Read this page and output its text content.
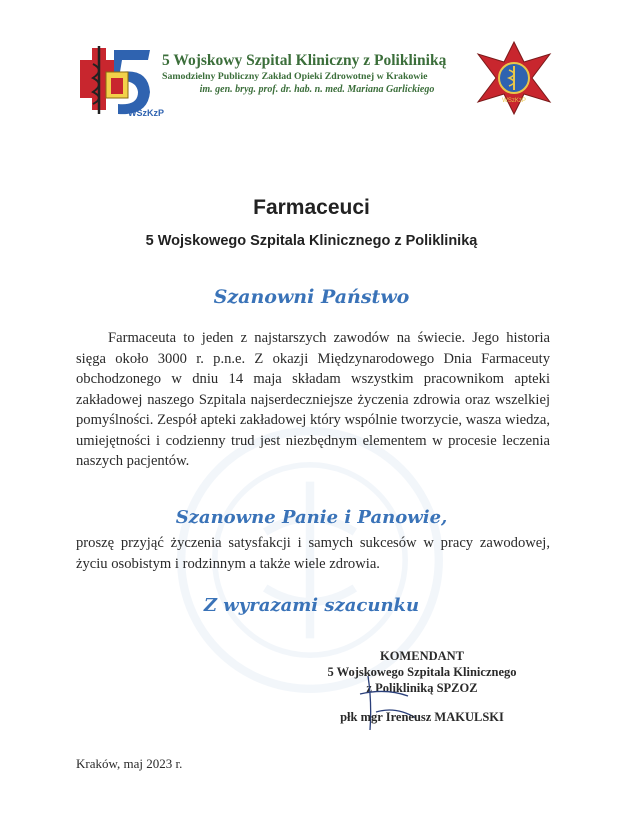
WSzKzP
5 Wojskowy Szpital Kliniczny z Polikliniką
Samodzielny Publiczny Zakład Opieki Zdrowotnej w Krakowie
im. gen. bryg. prof. dr. hab. n. med. Mariana Garlickiego
WSzKzP
Farmaceuci
5 Wojskowego Szpitala Klinicznego z Polikliniką
Szanowni Państwo
Farmaceuta to jeden z najstarszych zawodów na świecie. Jego historia sięga około 3000 r. p.n.e. Z okazji Międzynarodowego Dnia Farmaceuty obchodzonego w dniu 14 maja składam wszystkim pracownikom apteki zakładowej naszego Szpitala najserdeczniejsze życzenia zdrowia oraz wszelkiej pomyślności. Zespół apteki zakładowej który wspólnie tworzycie, wasza wiedza, umiejętności i codzienny trud jest niezbędnym elementem w procesie leczenia naszych pacjentów.
Szanowne Panie i Panowie,
proszę przyjąć życzenia satysfakcji i samych sukcesów w pracy zawodowej, życiu osobistym i rodzinnym a także wiele zdrowia.
Z wyrazami szacunku
KOMENDANT
5 Wojskowego Szpitala Klinicznego
z Polikliniką SPZOZ
płk mgr Ireneusz MAKULSKI
Kraków, maj 2023 r.
